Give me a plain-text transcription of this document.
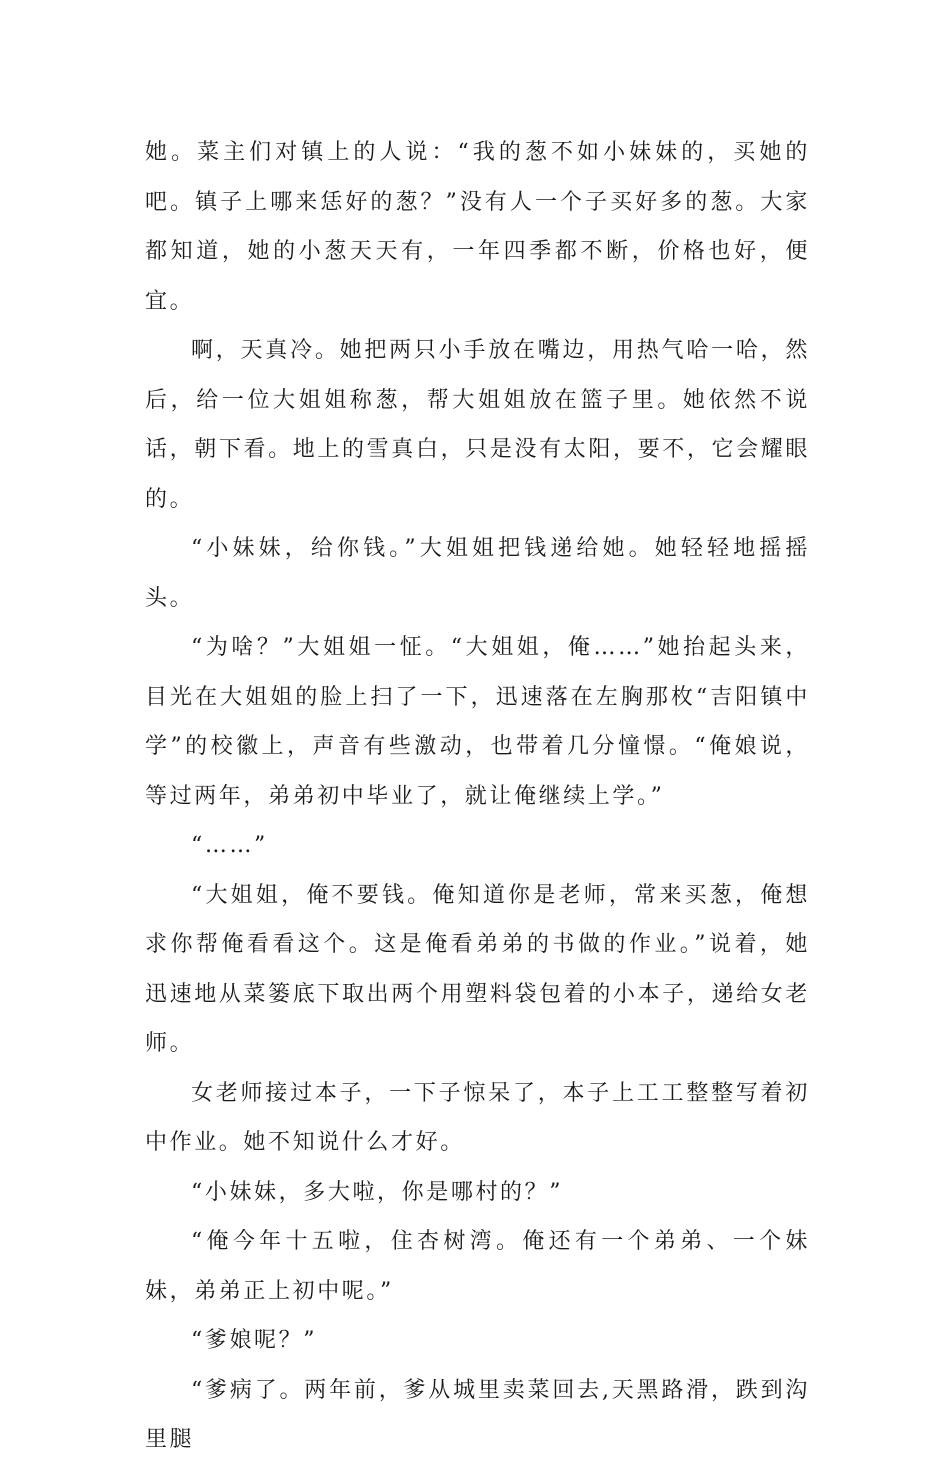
她。菜主们对镇上的人说：“我的葱不如小妹妹的，买她的吧。镇子上哪来恁好的葱？”没有人一个子买好多的葱。大家都知道，她的小葱天天有，一年四季都不断，价格也好，便宜。

啊，天真冷。她把两只小手放在嘴边，用热气哈一哈，然后，给一位大姐姐称葱，帮大姐姐放在篮子里。她依然不说话，朝下看。地上的雪真白，只是没有太阳，要不，它会耀眼的。

“小妹妹，给你钱。”大姐姐把钱递给她。她轻轻地摇摇头。

“为啥？”大姐姐一怔。“大姐姐，俺……”她抬起头来，目光在大姐姐的脸上扫了一下，迅速落在左胸那枚“吉阳镇中学”的校徽上，声音有些激动，也带着几分憧憬。“俺娘说，等过两年，弟弟初中毕业了，就让俺继续上学。”

“……”

“大姐姐，俺不要钱。俺知道你是老师，常来买葱，俺想求你帮俺看看这个。这是俺看弟弟的书做的作业。”说着，她迅速地从菜篓底下取出两个用塑料袋包着的小本子，递给女老师。

女老师接过本子，一下子惊呆了，本子上工工整整写着初中作业。她不知说什么才好。

“小妹妹，多大啦，你是哪村的？”

“俺今年十五啦，住杏树湾。俺还有一个弟弟、一个妹妹，弟弟正上初中呢。”

“爹娘呢？”

“爹病了。两年前，爹从城里卖菜回去,天黑路滑，跌到沟里腿
